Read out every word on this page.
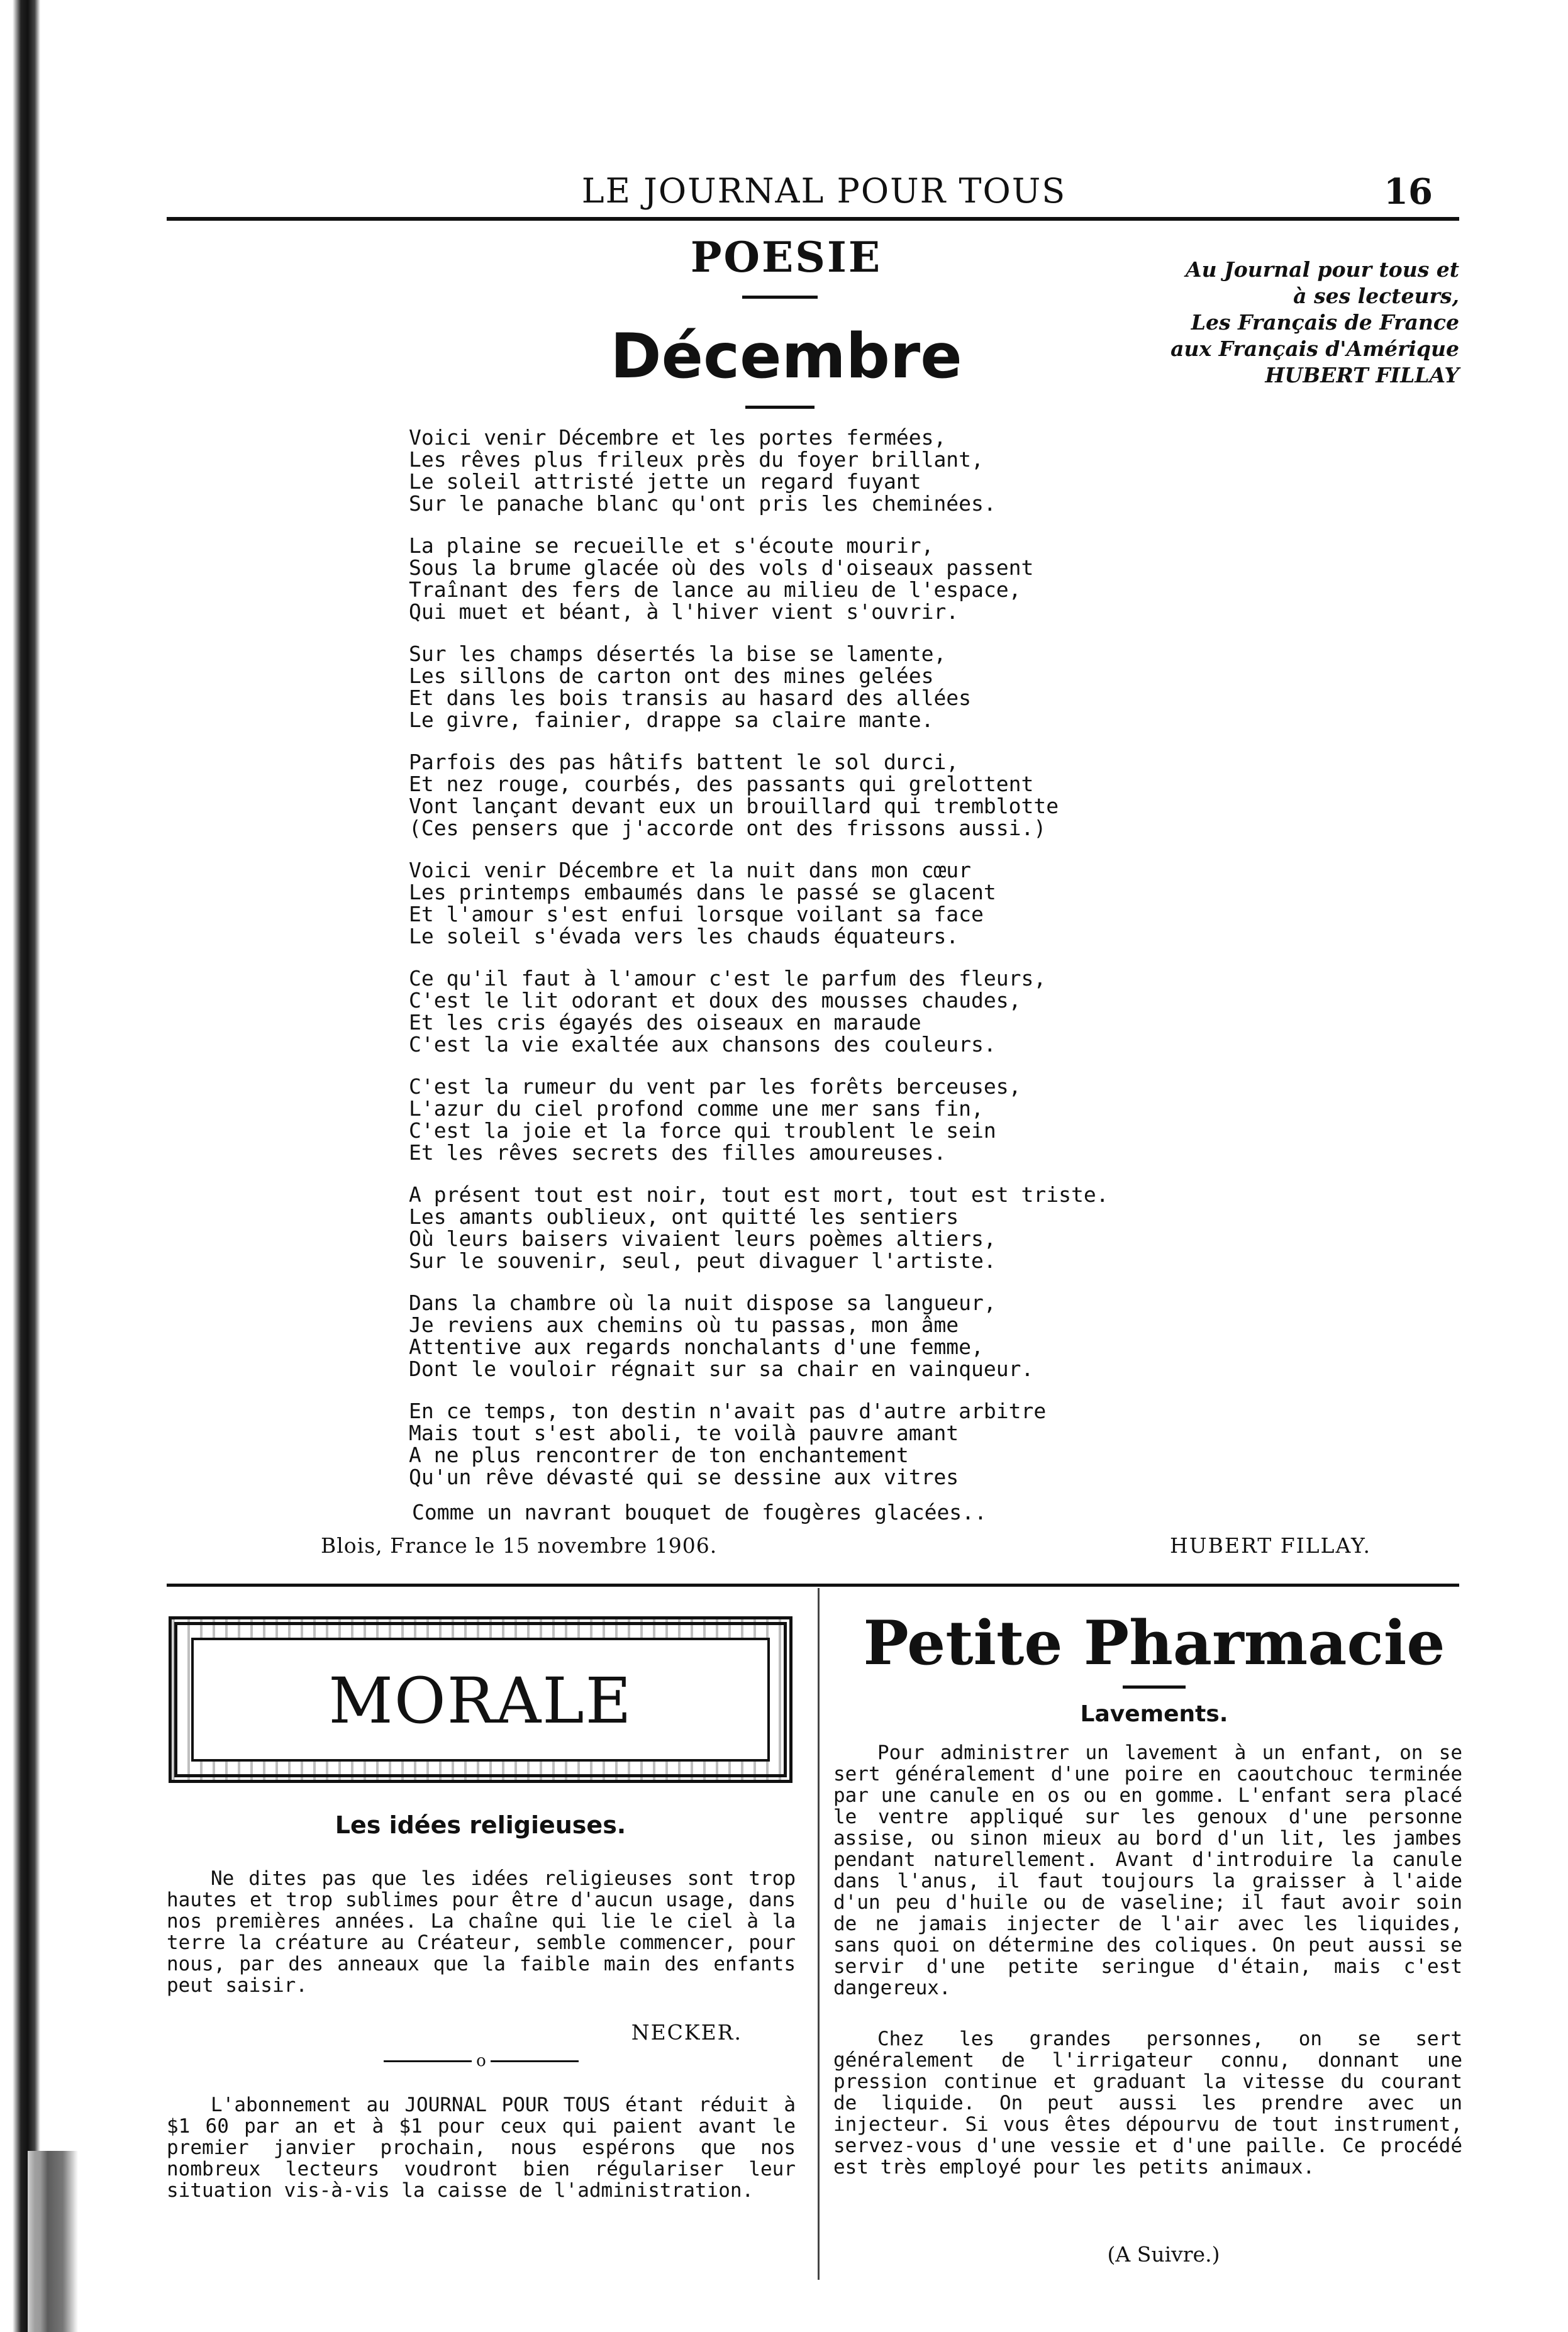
LE JOURNAL POUR TOUS	16
POESIE
Décembre
Au Journal pour tous et
à ses lecteurs,
Les Français de France
aux Français d'Amérique
HUBERT FILLAY
Voici venir Décembre et les portes fermées,
Les rêves plus frileux près du foyer brillant,
Le soleil attristé jette un regard fuyant
Sur le panache blanc qu'ont pris les cheminées.
La plaine se recueille et s'écoute mourir,
Sous la brume glacée où des vols d'oiseaux passent
Traînant des fers de lance au milieu de l'espace,
Qui muet et béant, à l'hiver vient s'ouvrir.
Sur les champs désertés la bise se lamente,
Les sillons de carton ont des mines gelées
Et dans les bois transis au hasard des allées
Le givre, fainier, drappe sa claire mante.
Parfois des pas hâtifs battent le sol durci,
Et nez rouge, courbés, des passants qui grelottent
Vont lançant devant eux un brouillard qui tremblotte
(Ces pensers que j'accorde ont des frissons aussi.)
Voici venir Décembre et la nuit dans mon cœur
Les printemps embaumés dans le passé se glacent
Et l'amour s'est enfui lorsque voilant sa face
Le soleil s'évada vers les chauds équateurs.
Ce qu'il faut à l'amour c'est le parfum des fleurs,
C'est le lit odorant et doux des mousses chaudes,
Et les cris égayés des oiseaux en maraude
C'est la vie exaltée aux chansons des couleurs.
C'est la rumeur du vent par les forêts berceuses,
L'azur du ciel profond comme une mer sans fin,
C'est la joie et la force qui troublent le sein
Et les rêves secrets des filles amoureuses.
A présent tout est noir, tout est mort, tout est triste.
Les amants oublieux, ont quitté les sentiers
Où leurs baisers vivaient leurs poèmes altiers,
Sur le souvenir, seul, peut divaguer l'artiste.
Dans la chambre où la nuit dispose sa langueur,
Je reviens aux chemins où tu passas, mon âme
Attentive aux regards nonchalants d'une femme,
Dont le vouloir régnait sur sa chair en vainqueur.
En ce temps, ton destin n'avait pas d'autre arbitre
Mais tout s'est aboli, te voilà pauvre amant
A ne plus rencontrer de ton enchantement
Qu'un rêve dévasté qui se dessine aux vitres
Comme un navrant bouquet de fougères glacées..
Blois, France le 15 novembre 1906.	HUBERT FILLAY.
MORALE
Les idées religieuses.
Ne dites pas que les idées religieuses sont trop hautes et trop sublimes pour être d'aucun usage, dans nos premières années. La chaîne qui lie le ciel à la terre la créature au Créateur, semble commencer, pour nous, par des anneaux que la faible main des enfants peut saisir.
NECKER.
o
L'abonnement au JOURNAL POUR TOUS étant réduit à $1 60 par an et à $1 pour ceux qui paient avant le premier janvier prochain, nous espérons que nos nombreux lecteurs voudront bien régulariser leur situation vis-à-vis la caisse de l'administration.
Petite Pharmacie
Lavements.
Pour administrer un lavement à un enfant, on se sert généralement d'une poire en caoutchouc terminée par une canule en os ou en gomme. L'enfant sera placé le ventre appliqué sur les genoux d'une personne assise, ou sinon mieux au bord d'un lit, les jambes pendant naturellement. Avant d'introduire la canule dans l'anus, il faut toujours la graisser à l'aide d'un peu d'huile ou de vaseline; il faut avoir soin de ne jamais injecter de l'air avec les liquides, sans quoi on détermine des coliques. On peut aussi se servir d'une petite seringue d'étain, mais c'est dangereux.
Chez les grandes personnes, on se sert généralement de l'irrigateur connu, donnant une pression continue et graduant la vitesse du courant de liquide. On peut aussi les prendre avec un injecteur. Si vous êtes dépourvu de tout instrument, servez-vous d'une vessie et d'une paille. Ce procédé est très employé pour les petits animaux.
(A Suivre.)
